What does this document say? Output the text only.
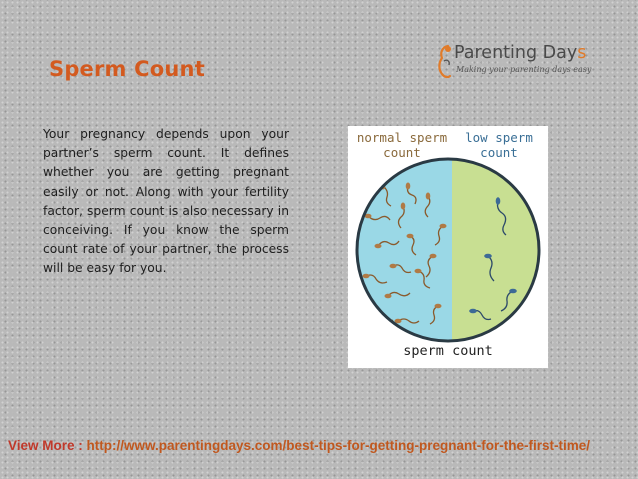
Sperm Count
Parenting Days
Making your parenting days easy
Your pregnancy depends upon your partner’s sperm count. It defines whether you are getting pregnant easily or not. Along with your fertility factor, sperm count is also necessary in conceiving. If you know the sperm count rate of your partner, the process will be easy for you.
normal sperm count
low sperm count
sperm count
View More : http://www.parentingdays.com/best-tips-for-getting-pregnant-for-the-first-time/
